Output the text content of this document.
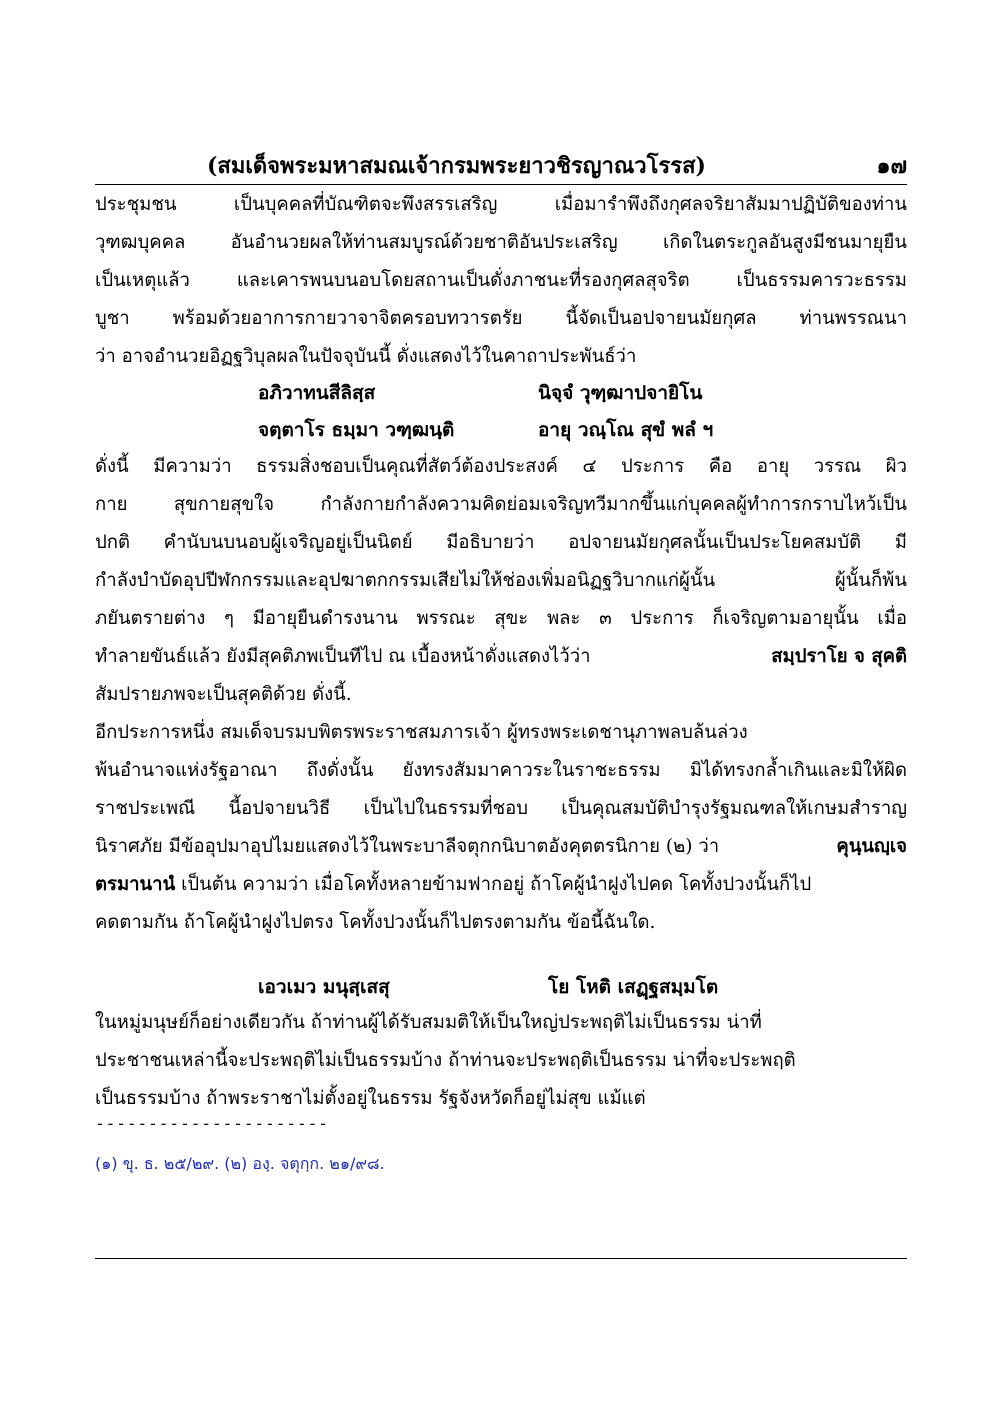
(สมเด็จพระมหาสมณเจ้ากรมพระยาวชิรญาณวโรรส)	๑๗
ประชุมชน เป็นบุคคลที่บัณฑิตจะพึงสรรเสริญ เมื่อมารำพึงถึงกุศลจริยาสัมมาปฏิบัติของท่าน
วุฑฒบุคคล อันอำนวยผลให้ท่านสมบูรณ์ด้วยชาติอันประเสริญ เกิดในตระกูลอันสูงมีชนมายุยืน
เป็นเหตุแล้ว และเคารพนบนอบโดยสถานเป็นดั่งภาชนะที่รองกุศลสุจริต เป็นธรรมคารวะธรรม
บูชา พร้อมด้วยอาการกายวาจาจิตครอบทวารตรัย นี้จัดเป็นอปจายนมัยกุศล ท่านพรรณนา
ว่า อาจอำนวยอิฏฐวิบุลผลในปัจจุบันนี้ ดั่งแสดงไว้ในคาถาประพันธ์ว่า
อภิวาทนสีลิสฺส	นิจฺจํ วุฑฺฒาปจายิโน
จตฺตาโร ธมฺมา วฑฺฒนฺติ	อายุ วณฺโณ สุขํ พลํ ฯ
ดั่งนี้ มีความว่า ธรรมสิ่งชอบเป็นคุณที่สัตว์ต้องประสงค์ ๔ ประการ คือ อายุ วรรณ ผิว
กาย สุขกายสุขใจ กำลังกายกำลังความคิดย่อมเจริญทวีมากขึ้นแก่บุคคลผู้ทำการกราบไหว้เป็น
ปกติ คำนับนบนอบผู้เจริญอยู่เป็นนิตย์ มีอธิบายว่า อปจายนมัยกุศลนั้นเป็นประโยคสมบัติ มี
กำลังบำบัดอุปปีฬกกรรมและอุปฆาตกกรรมเสียไม่ให้ช่องเพิ่มอนิฏฐวิบากแก่ผู้นั้น ผู้นั้นก็พ้น
ภยันตรายต่าง ๆ มีอายุยืนดำรงนาน พรรณะ สุขะ พละ ๓ ประการ ก็เจริญตามอายุนั้น เมื่อ
ทำลายขันธ์แล้ว ยังมีสุคติภพเป็นทีไป ณ เบื้องหน้าดั่งแสดงไว้ว่า	สมฺปราโย จ สุคติ
สัมปรายภพจะเป็นสุคติด้วย ดั่งนี้.
อีกประการหนึ่ง สมเด็จบรมบพิตรพระราชสมภารเจ้า ผู้ทรงพระเดชานุภาพลบล้นล่วง
พ้นอำนาจแห่งรัฐอาณา ถึงดั่งนั้น ยังทรงสัมมาคาวระในราชะธรรม มิได้ทรงกล้ำเกินและมิให้ผิด
ราชประเพณี นี้อปจายนวิธี เป็นไปในธรรมที่ชอบ เป็นคุณสมบัติบำรุงรัฐมณฑลให้เกษมสำราญ
นิราศภัย มีข้ออุปมาอุปไมยแสดงไว้ในพระบาลีจตุกกนิบาตอังคุตตรนิกาย (๒) ว่า	คุนฺนญฺเจ
ตรมานานํ เป็นต้น ความว่า เมื่อโคทั้งหลายข้ามฟากอยู่ ถ้าโคผู้นำฝูงไปคด โคทั้งปวงนั้นก็ไป
คดตามกัน ถ้าโคผู้นำฝูงไปตรง โคทั้งปวงนั้นก็ไปตรงตามกัน ข้อนี้ฉันใด.
เอวเมว มนุสฺเสสุ	โย โหติ เสฏฺฐสมฺมโต
ในหมู่มนุษย์ก็อย่างเดียวกัน ถ้าท่านผู้ได้รับสมมติให้เป็นใหญ่ประพฤติไม่เป็นธรรม น่าที่
ประชาชนเหล่านี้จะประพฤติไม่เป็นธรรมบ้าง ถ้าท่านจะประพฤติเป็นธรรม น่าที่จะประพฤติ
เป็นธรรมบ้าง ถ้าพระราชาไม่ตั้งอยู่ในธรรม รัฐจังหวัดก็อยู่ไม่สุข แม้แต่
----------------------
(๑) ขุ. ธ. ๒๕/๒๙. (๒) องฺ. จตุกฺก. ๒๑/๙๘.
